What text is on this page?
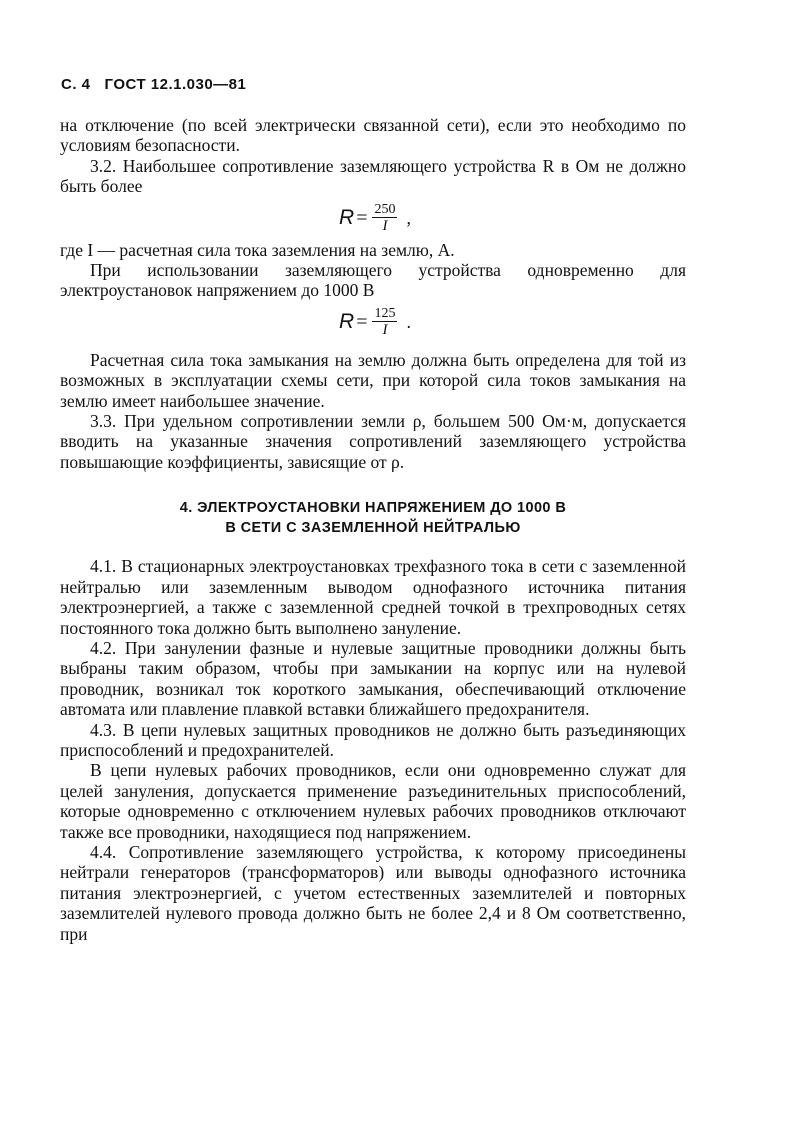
С. 4 ГОСТ 12.1.030—81

на отключение (по всей электрически связанной сети), если это необходимо по условиям безопасности.

3.2. Наибольшее сопротивление заземляющего устройства R в Ом не должно быть более

$R = \frac{250}{I}$ ,

где I — расчетная сила тока заземления на землю, А.

При использовании заземляющего устройства одновременно для электроустановок напряжением до 1000 В

$R = \frac{125}{I}$ .

Расчетная сила тока замыкания на землю должна быть определена для той из возможных в эксплуатации схемы сети, при которой сила токов замыкания на землю имеет наибольшее значение.

3.3. При удельном сопротивлении земли ρ, большем 500 Ом·м, допускается вводить на указанные значения сопротивлений заземляющего устройства повышающие коэффициенты, зависящие от ρ.

4. ЭЛЕКТРОУСТАНОВКИ НАПРЯЖЕНИЕМ ДО 1000 В
В СЕТИ С ЗАЗЕМЛЕННОЙ НЕЙТРАЛЬЮ

4.1. В стационарных электроустановках трехфазного тока в сети с заземленной нейтралью или заземленным выводом однофазного источника питания электроэнергией, а также с заземленной средней точкой в трехпроводных сетях постоянного тока должно быть выполнено зануление.

4.2. При занулении фазные и нулевые защитные проводники должны быть выбраны таким образом, чтобы при замыкании на корпус или на нулевой проводник, возникал ток короткого замыкания, обеспечивающий отключение автомата или плавление плавкой вставки ближайшего предохранителя.

4.3. В цепи нулевых защитных проводников не должно быть разъединяющих приспособлений и предохранителей.

В цепи нулевых рабочих проводников, если они одновременно служат для целей зануления, допускается применение разъединительных приспособлений, которые одновременно с отключением нулевых рабочих проводников отключают также все проводники, находящиеся под напряжением.

4.4. Сопротивление заземляющего устройства, к которому присоединены нейтрали генераторов (трансформаторов) или выводы однофазного источника питания электроэнергией, с учетом естественных заземлителей и повторных заземлителей нулевого провода должно быть не более 2,4 и 8 Ом соответственно, при
